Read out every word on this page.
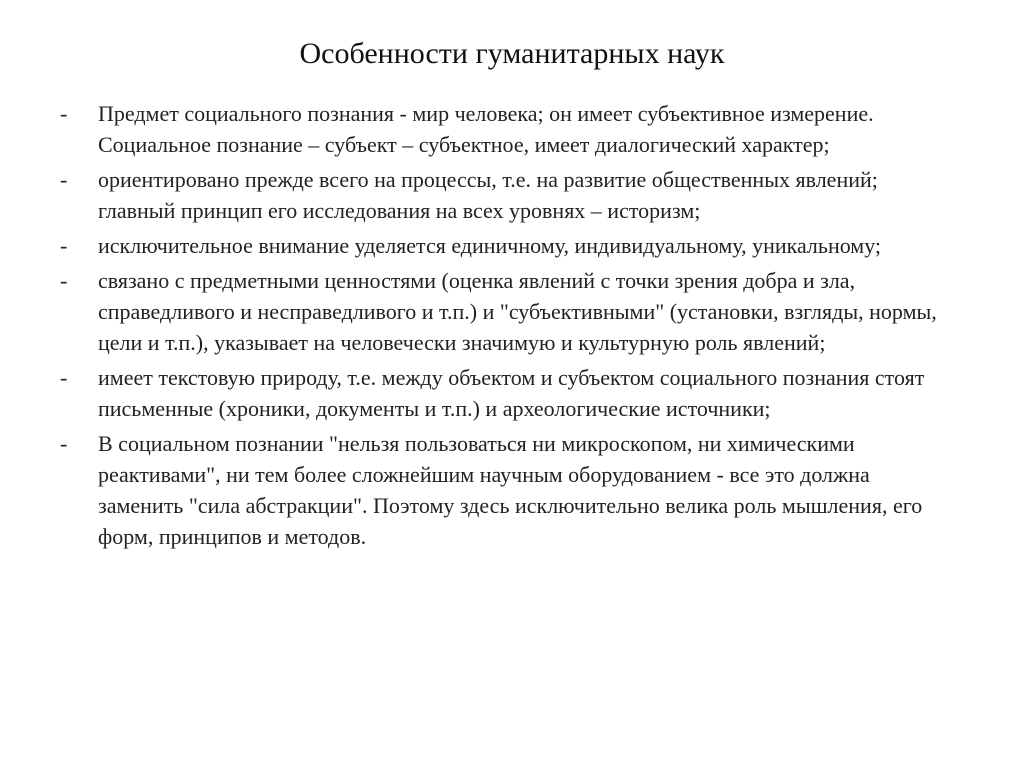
Особенности гуманитарных наук
-	Предмет социального познания - мир человека; он имеет субъективное измерение. Социальное познание – субъект – субъектное, имеет диалогический характер;
-	ориентировано прежде всего на процессы, т.е. на развитие общественных явлений; главный принцип его исследования на всех уровнях – историзм;
-	исключительное внимание уделяется единичному, индивидуальному, уникальному;
-	связано с предметными ценностями (оценка явлений с точки зрения добра и зла, справедливого и несправедливого и т.п.) и "субъективными" (установки, взгляды, нормы, цели и т.п.), указывает на человечески значимую и культурную роль явлений;
-	имеет текстовую природу, т.е. между объектом и субъектом социального познания стоят письменные (хроники, документы и т.п.) и археологические источники;
-	В социальном познании "нельзя пользоваться ни микроскопом, ни химическими реактивами", ни тем более сложнейшим научным оборудованием - все это должна заменить "сила абстракции". Поэтому здесь исключительно велика роль мышления, его форм, принципов и методов.
